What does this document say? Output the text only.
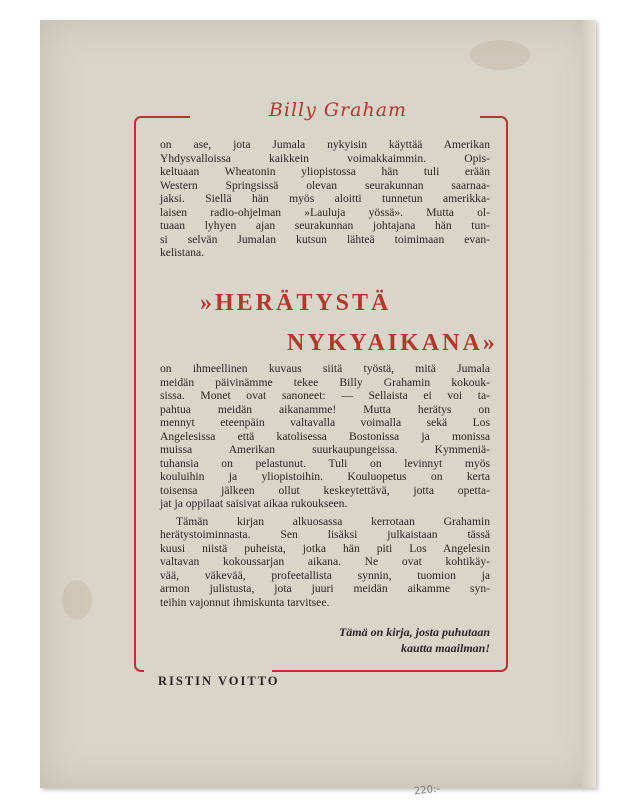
Billy Graham
on ase, jota Jumala nykyisin käyttää Amerikan
Yhdysvalloissa kaikkein voimakkaimmin. Opis-
keltuaan Wheatonin yliopistossa hän tuli erään
Western Springsissä olevan seurakunnan saarnaa-
jaksi. Siellä hän myös aloitti tunnetun amerikka-
laisen radio-ohjelman »Lauluja yössä». Mutta ol-
tuaan lyhyen ajan seurakunnan johtajana hän tun-
si selvän Jumalan kutsun lähteä toimimaan evan-
kelistana.
»HERÄTYSTÄ
NYKYAIKANA»
on ihmeellinen kuvaus siitä työstä, mitä Jumala
meidän päivinämme tekee Billy Grahamin kokouk-
sissa. Monet ovat sanoneet: — Sellaista ei voi ta-
pahtua meidän aikanamme! Mutta herätys on
mennyt eteenpäin valtavalla voimalla sekä Los
Angelesissa että katolisessa Bostonissa ja monissa
muissa Amerikan suurkaupungeissa. Kymmeniä-
tuhansia on pelastunut. Tuli on levinnyt myös
kouluihin ja yliopistoihin. Kouluopetus on kerta
toisensa jälkeen ollut keskeytettävä, jotta opetta-
jat ja oppilaat saisivat aikaa rukoukseen.
Tämän kirjan alkuosassa kerrotaan Grahamin
herätystoiminnasta. Sen lisäksi julkaistaan tässä
kuusi niistä puheista, jotka hän piti Los Angelesin
valtavan kokoussarjan aikana. Ne ovat kohtikäy-
vää, väkevää, profeetallista synnin, tuomion ja
armon julistusta, jota juuri meidän aikamme syn-
teihin vajonnut ihmiskunta tarvitsee.
Tämä on kirja, josta puhutaan
kautta maailman!
RISTIN VOITTO
220:-
